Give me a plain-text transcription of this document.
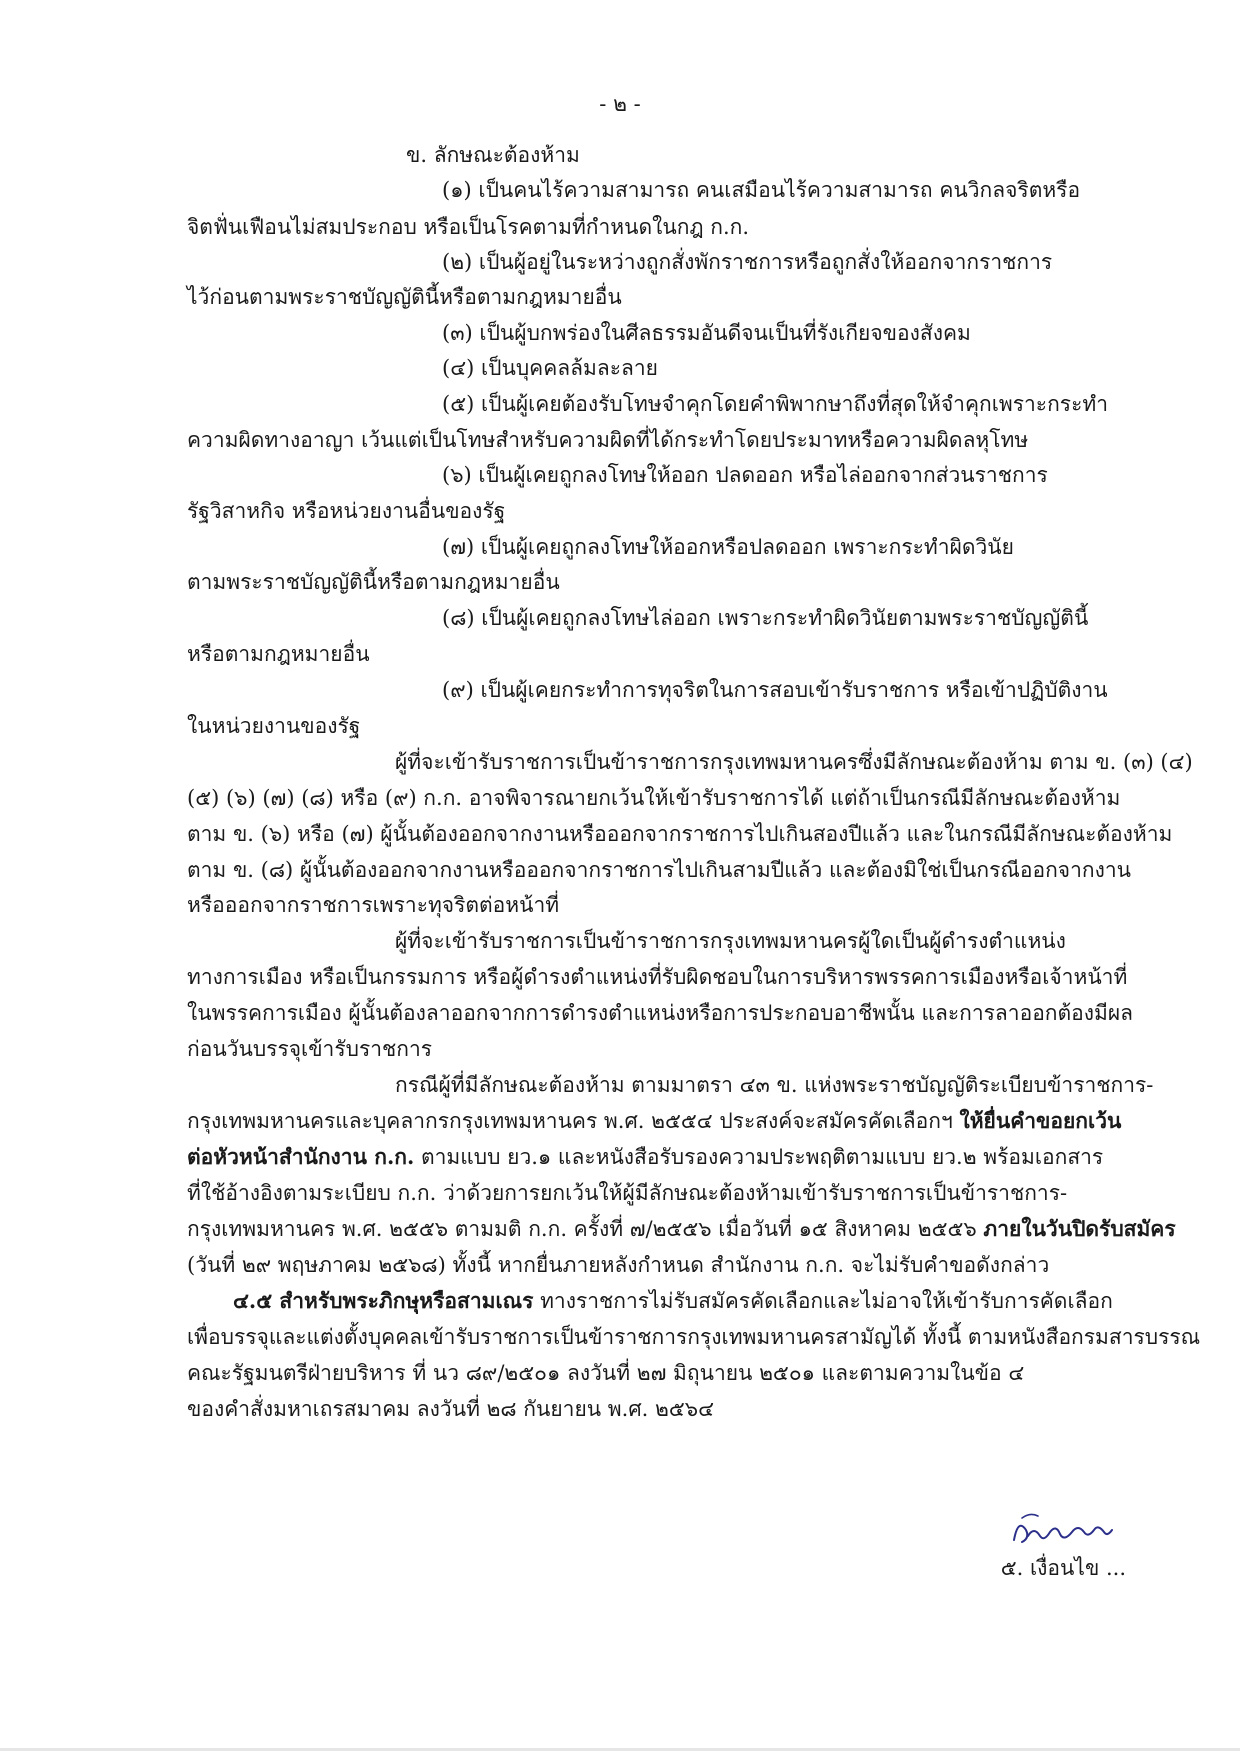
- ๒ -
ข. ลักษณะต้องห้าม
(๑) เป็นคนไร้ความสามารถ คนเสมือนไร้ความสามารถ คนวิกลจริตหรือ
จิตฟั่นเฟือนไม่สมประกอบ หรือเป็นโรคตามที่กำหนดในกฎ ก.ก.
(๒) เป็นผู้อยู่ในระหว่างถูกสั่งพักราชการหรือถูกสั่งให้ออกจากราชการ
ไว้ก่อนตามพระราชบัญญัตินี้หรือตามกฎหมายอื่น
(๓) เป็นผู้บกพร่องในศีลธรรมอันดีจนเป็นที่รังเกียจของสังคม
(๔) เป็นบุคคลล้มละลาย
(๕) เป็นผู้เคยต้องรับโทษจำคุกโดยคำพิพากษาถึงที่สุดให้จำคุกเพราะกระทำ
ความผิดทางอาญา เว้นแต่เป็นโทษสำหรับความผิดที่ได้กระทำโดยประมาทหรือความผิดลหุโทษ
(๖) เป็นผู้เคยถูกลงโทษให้ออก ปลดออก หรือไล่ออกจากส่วนราชการ
รัฐวิสาหกิจ หรือหน่วยงานอื่นของรัฐ
(๗) เป็นผู้เคยถูกลงโทษให้ออกหรือปลดออก เพราะกระทำผิดวินัย
ตามพระราชบัญญัตินี้หรือตามกฎหมายอื่น
(๘) เป็นผู้เคยถูกลงโทษไล่ออก เพราะกระทำผิดวินัยตามพระราชบัญญัตินี้
หรือตามกฎหมายอื่น
(๙) เป็นผู้เคยกระทำการทุจริตในการสอบเข้ารับราชการ หรือเข้าปฏิบัติงาน
ในหน่วยงานของรัฐ
ผู้ที่จะเข้ารับราชการเป็นข้าราชการกรุงเทพมหานครซึ่งมีลักษณะต้องห้าม ตาม ข. (๓) (๔)
(๕) (๖) (๗) (๘) หรือ (๙) ก.ก. อาจพิจารณายกเว้นให้เข้ารับราชการได้ แต่ถ้าเป็นกรณีมีลักษณะต้องห้าม
ตาม ข. (๖) หรือ (๗) ผู้นั้นต้องออกจากงานหรือออกจากราชการไปเกินสองปีแล้ว และในกรณีมีลักษณะต้องห้าม
ตาม ข. (๘) ผู้นั้นต้องออกจากงานหรือออกจากราชการไปเกินสามปีแล้ว และต้องมิใช่เป็นกรณีออกจากงาน
หรือออกจากราชการเพราะทุจริตต่อหน้าที่
ผู้ที่จะเข้ารับราชการเป็นข้าราชการกรุงเทพมหานครผู้ใดเป็นผู้ดำรงตำแหน่ง
ทางการเมือง หรือเป็นกรรมการ หรือผู้ดำรงตำแหน่งที่รับผิดชอบในการบริหารพรรคการเมืองหรือเจ้าหน้าที่
ในพรรคการเมือง ผู้นั้นต้องลาออกจากการดำรงตำแหน่งหรือการประกอบอาชีพนั้น และการลาออกต้องมีผล
ก่อนวันบรรจุเข้ารับราชการ
กรณีผู้ที่มีลักษณะต้องห้าม ตามมาตรา ๔๓ ข. แห่งพระราชบัญญัติระเบียบข้าราชการ-
กรุงเทพมหานครและบุคลากรกรุงเทพมหานคร พ.ศ. ๒๕๕๔ ประสงค์จะสมัครคัดเลือกฯ ให้ยื่นคำขอยกเว้น
ต่อหัวหน้าสำนักงาน ก.ก. ตามแบบ ยว.๑ และหนังสือรับรองความประพฤติตามแบบ ยว.๒ พร้อมเอกสาร
ที่ใช้อ้างอิงตามระเบียบ ก.ก. ว่าด้วยการยกเว้นให้ผู้มีลักษณะต้องห้ามเข้ารับราชการเป็นข้าราชการ-
กรุงเทพมหานคร พ.ศ. ๒๕๕๖ ตามมติ ก.ก. ครั้งที่ ๗/๒๕๕๖ เมื่อวันที่ ๑๕ สิงหาคม ๒๕๕๖ ภายในวันปิดรับสมัคร
(วันที่ ๒๙ พฤษภาคม ๒๕๖๘) ทั้งนี้ หากยื่นภายหลังกำหนด สำนักงาน ก.ก. จะไม่รับคำขอดังกล่าว
๔.๕ สำหรับพระภิกษุหรือสามเณร ทางราชการไม่รับสมัครคัดเลือกและไม่อาจให้เข้ารับการคัดเลือก
เพื่อบรรจุและแต่งตั้งบุคคลเข้ารับราชการเป็นข้าราชการกรุงเทพมหานครสามัญได้ ทั้งนี้ ตามหนังสือกรมสารบรรณ
คณะรัฐมนตรีฝ่ายบริหาร ที่ นว ๘๙/๒๕๐๑ ลงวันที่ ๒๗ มิถุนายน ๒๕๐๑ และตามความในข้อ ๔
ของคำสั่งมหาเถรสมาคม ลงวันที่ ๒๘ กันยายน พ.ศ. ๒๕๖๔
๕. เงื่อนไข ...
